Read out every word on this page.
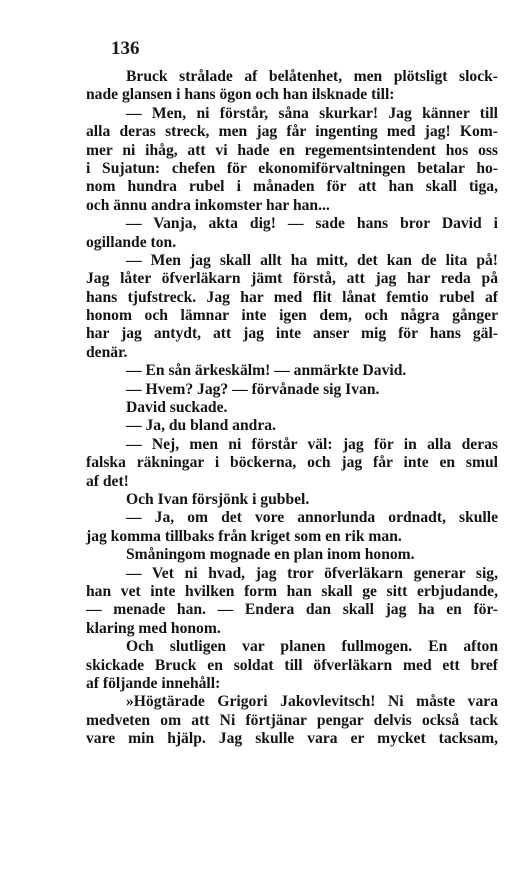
136
Bruck strålade af belåtenhet, men plötsligt slock-
nade glansen i hans ögon och han ilsknade till:
— Men, ni förstår, såna skurkar! Jag känner till
alla deras streck, men jag får ingenting med jag! Kom-
mer ni ihåg, att vi hade en regementsintendent hos oss
i Sujatun: chefen för ekonomiförvaltningen betalar ho-
nom hundra rubel i månaden för att han skall tiga,
och ännu andra inkomster har han...
— Vanja, akta dig! — sade hans bror David i
ogillande ton.
— Men jag skall allt ha mitt, det kan de lita på!
Jag låter öfverläkarn jämt förstå, att jag har reda på
hans tjufstreck. Jag har med flit lånat femtio rubel af
honom och lämnar inte igen dem, och några gånger
har jag antydt, att jag inte anser mig för hans gäl-
denär.
— En sån ärkeskälm! — anmärkte David.
— Hvem? Jag? — förvånade sig Ivan.
David suckade.
— Ja, du bland andra.
— Nej, men ni förstår väl: jag för in alla deras
falska räkningar i böckerna, och jag får inte en smul
af det!
Och Ivan försjönk i gubbel.
— Ja, om det vore annorlunda ordnadt, skulle
jag komma tillbaks från kriget som en rik man.
Småningom mognade en plan inom honom.
— Vet ni hvad, jag tror öfverläkarn generar sig,
han vet inte hvilken form han skall ge sitt erbjudande,
— menade han. — Endera dan skall jag ha en för-
klaring med honom.
Och slutligen var planen fullmogen. En afton
skickade Bruck en soldat till öfverläkarn med ett bref
af följande innehåll:
»Högtärade Grigori Jakovlevitsch! Ni måste vara
medveten om att Ni förtjänar pengar delvis också tack
vare min hjälp. Jag skulle vara er mycket tacksam,
